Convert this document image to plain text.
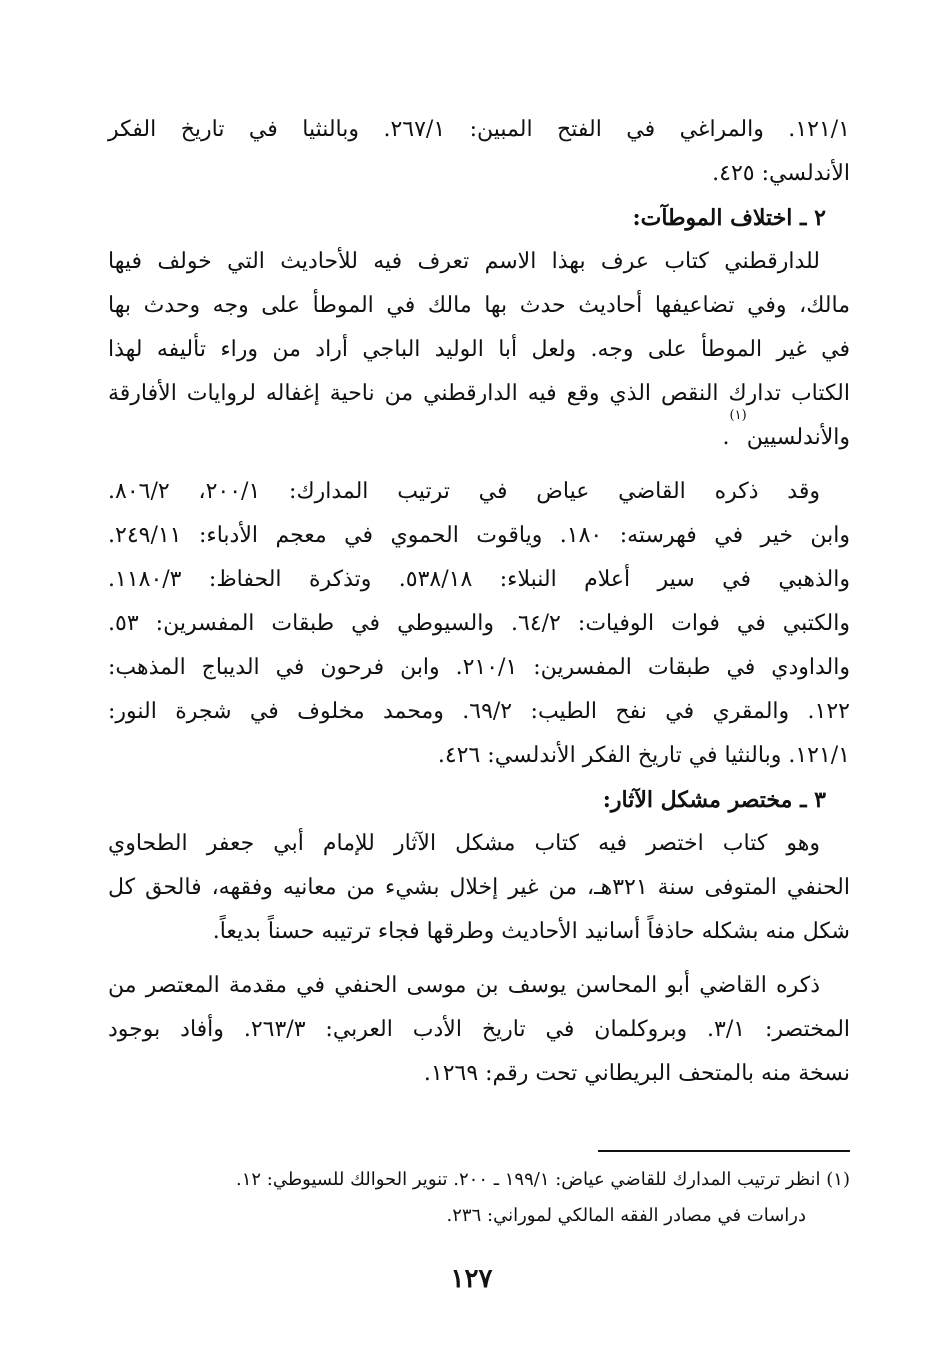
١٢١/١. والمراغي في الفتح المبين: ٢٦٧/١. وبالنثيا في تاريخ الفكر
الأندلسي: ٤٢٥.
٢ ـ اختلاف الموطآت:
للدارقطني كتاب عرف بهذا الاسم تعرف فيه للأحاديث التي خولف فيها
مالك، وفي تضاعيفها أحاديث حدث بها مالك في الموطأ على وجه وحدث بها
في غير الموطأ على وجه. ولعل أبا الوليد الباجي أراد من وراء تأليفه لهذا
الكتاب تدارك النقص الذي وقع فيه الدارقطني من ناحية إغفاله لروايات الأفارقة
والأندلسيين$^{(١)}$.
وقد ذكره القاضي عياض في ترتيب المدارك: ٢٠٠/١، ٨٠٦/٢.
وابن خير في فهرسته: ١٨٠. وياقوت الحموي في معجم الأدباء: ٢٤٩/١١.
والذهبي في سير أعلام النبلاء: ٥٣٨/١٨. وتذكرة الحفاظ: ١١٨٠/٣.
والكتبي في فوات الوفيات: ٦٤/٢. والسيوطي في طبقات المفسرين: ٥٣.
والداودي في طبقات المفسرين: ٢١٠/١. وابن فرحون في الديباج المذهب:
١٢٢. والمقري في نفح الطيب: ٦٩/٢. ومحمد مخلوف في شجرة النور:
١٢١/١. وبالنثيا في تاريخ الفكر الأندلسي: ٤٢٦.
٣ ـ مختصر مشكل الآثار:
وهو كتاب اختصر فيه كتاب مشكل الآثار للإمام أبي جعفر الطحاوي
الحنفي المتوفى سنة ٣٢١هـ، من غير إخلال بشيء من معانيه وفقهه، فالحق كل
شكل منه بشكله حاذفاً أسانيد الأحاديث وطرقها فجاء ترتيبه حسناً بديعاً.
ذكره القاضي أبو المحاسن يوسف بن موسى الحنفي في مقدمة المعتصر من
المختصر: ٣/١. وبروكلمان في تاريخ الأدب العربي: ٢٦٣/٣. وأفاد بوجود
نسخة منه بالمتحف البريطاني تحت رقم: ١٢٦٩.
(١) انظر ترتيب المدارك للقاضي عياض: ١٩٩/١ ـ ٢٠٠. تنوير الحوالك للسيوطي: ١٢.
دراسات في مصادر الفقه المالكي لموراني: ٢٣٦.
١٢٧
